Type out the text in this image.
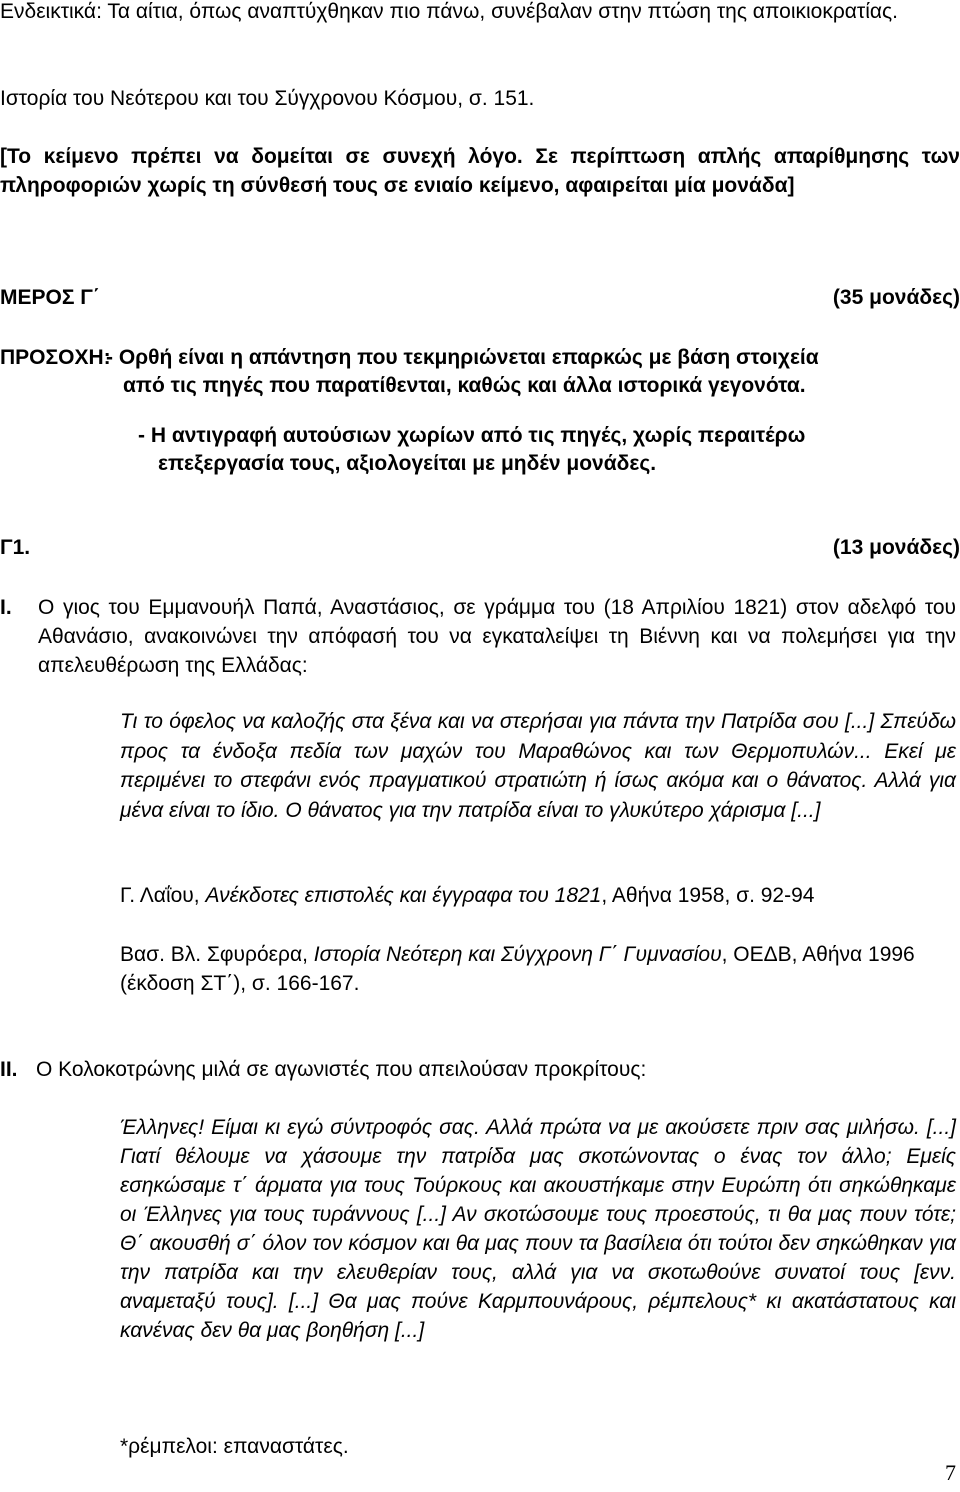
Ενδεικτικά: Τα αίτια, όπως αναπτύχθηκαν πιο πάνω, συνέβαλαν στην πτώση της αποικιοκρατίας.
Ιστορία του Νεότερου και του Σύγχρονου Κόσμου, σ. 151.
[Το κείμενο πρέπει να δομείται σε συνεχή λόγο. Σε περίπτωση απλής απαρίθμησης των πληροφοριών χωρίς τη σύνθεσή τους σε ενιαίο κείμενο, αφαιρείται μία μονάδα]
ΜΕΡΟΣ Γ΄	(35 μονάδες)
ΠΡΟΣΟΧΗ:
- Ορθή είναι η απάντηση που τεκμηριώνεται επαρκώς με βάση στοιχεία
από τις πηγές που παρατίθενται, καθώς και άλλα ιστορικά γεγονότα.
- Η αντιγραφή αυτούσιων χωρίων από τις πηγές, χωρίς περαιτέρω
επεξεργασία τους, αξιολογείται με μηδέν μονάδες.
Γ1.	(13 μονάδες)
Ι. Ο γιος του Εμμανουήλ Παπά, Αναστάσιος, σε γράμμα του (18 Απριλίου 1821) στον αδελφό του Αθανάσιο, ανακοινώνει την απόφασή του να εγκαταλείψει τη Βιέννη και να πολεμήσει για την απελευθέρωση της Ελλάδας:
Τι το όφελος να καλοζής στα ξένα και να στερήσαι για πάντα την Πατρίδα σου [...] Σπεύδω προς τα ένδοξα πεδία των μαχών του Μαραθώνος και των Θερμοπυλών... Εκεί με περιμένει το στεφάνι ενός πραγματικού στρατιώτη ή ίσως ακόμα και ο θάνατος. Αλλά για μένα είναι το ίδιο. Ο θάνατος για την πατρίδα είναι το γλυκύτερο χάρισμα [...]
Γ. Λαΐου, Ανέκδοτες επιστολές και έγγραφα του 1821, Αθήνα 1958, σ. 92-94
Βασ. Βλ. Σφυρόερα, Ιστορία Νεότερη και Σύγχρονη Γ΄ Γυμνασίου, ΟΕΔΒ, Αθήνα 1996 (έκδοση ΣΤ΄), σ. 166-167.
ΙΙ. Ο Κολοκοτρώνης μιλά σε αγωνιστές που απειλούσαν προκρίτους:
Έλληνες! Είμαι κι εγώ σύντροφός σας. Αλλά πρώτα να με ακούσετε πριν σας μιλήσω. [...] Γιατί θέλουμε να χάσουμε την πατρίδα μας σκοτώνοντας ο ένας τον άλλο; Εμείς εσηκώσαμε τ΄ άρματα για τους Τούρκους και ακουστήκαμε στην Ευρώπη ότι σηκώθηκαμε οι Έλληνες για τους τυράννους [...] Αν σκοτώσουμε τους προεστούς, τι θα μας πουν τότε; Θ΄ ακουσθή σ΄ όλον τον κόσμον και θα μας πουν τα βασίλεια ότι τούτοι δεν σηκώθηκαν για την πατρίδα και την ελευθερίαν τους, αλλά για να σκοτωθούνε συνατοί τους [ενν. αναμεταξύ τους]. [...] Θα μας πούνε Καρμπουνάρους, ρέμπελους* κι ακατάστατους και κανένας δεν θα μας βοηθήση [...]
*ρέμπελοι: επαναστάτες.
7
